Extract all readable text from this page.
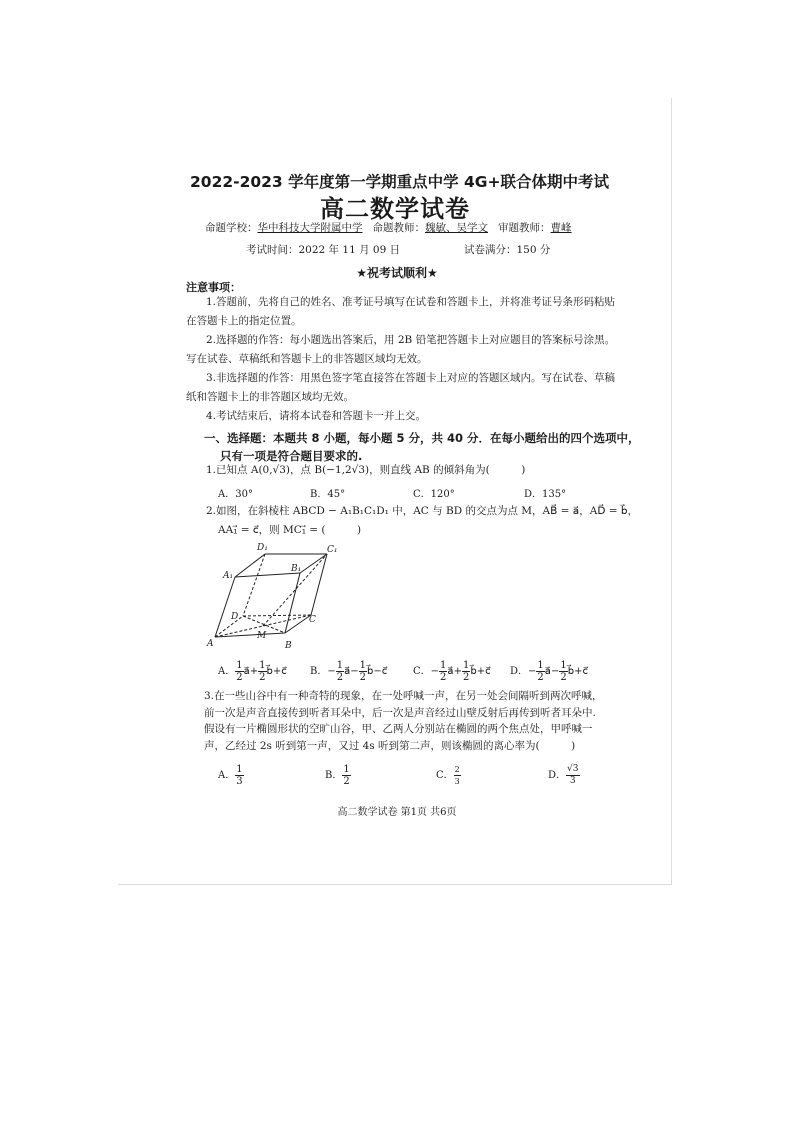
2022-2023 学年度第一学期重点中学 4G+联合体期中考试
高二数学试卷
命题学校：华中科技大学附属中学 命题教师：魏敏、吴学文 审题教师：曹峰
考试时间：2022 年 11 月 09 日	试卷满分：150 分
★祝考试顺利★
注意事项：
1.答题前，先将自己的姓名、准考证号填写在试卷和答题卡上，并将准考证号条形码粘贴在答题卡上的指定位置。
2.选择题的作答：每小题选出答案后，用 2B 铅笔把答题卡上对应题目的答案标号涂黑。写在试卷、草稿纸和答题卡上的非答题区域均无效。
3.非选择题的作答：用黑色签字笔直接答在答题卡上对应的答题区域内。写在试卷、草稿纸和答题卡上的非答题区域均无效。
4.考试结束后，请将本试卷和答题卡一并上交。
一、选择题：本题共 8 小题，每小题 5 分，共 40 分．在每小题给出的四个选项中，
只有一项是符合题目要求的.
1.已知点 A(0,√3)，点 B(−1,2√3)，则直线 AB 的倾斜角为(　　　)
A．30°	B．45°	C．120°	D．135°
2.如图，在斜棱柱 ABCD − A₁B₁C₁D₁ 中，AC 与 BD 的交点为点 M，AB⃗ = a⃗，AD⃗ = b⃗，
AA₁⃗ = c⃗，则 MC₁⃗ = (　　　)
D₁	C₁
A₁
B₁
D	C
M
A	B
A． $\frac{1}{2}$ a⃗+ $\frac{1}{2}$ b⃗+c⃗ B．− $\frac{1}{2}$ a⃗− $\frac{1}{2}$ b⃗−c⃗	C．− $\frac{1}{2}$ a⃗+ $\frac{1}{2}$ b⃗+c⃗ D．− $\frac{1}{2}$ a⃗− $\frac{1}{2}$ b⃗+c⃗
3.在一些山谷中有一种奇特的现象，在一处呼喊一声，在另一处会间隔听到两次呼喊，前一次是声音直接传到听者耳朵中，后一次是声音经过山壁反射后再传到听者耳朵中.假设有一片椭圆形状的空旷山谷，甲、乙两人分别站在椭圆的两个焦点处，甲呼喊一声，乙经过 2s 听到第一声，又过 4s 听到第二声，则该椭圆的离心率为(　　　)
A． $\frac{1}{3}$	B． $\frac{1}{2}$	C． $\frac{2}{3}$	D． $\frac{√3}{3}$
高二数学试卷 第1页 共6页
